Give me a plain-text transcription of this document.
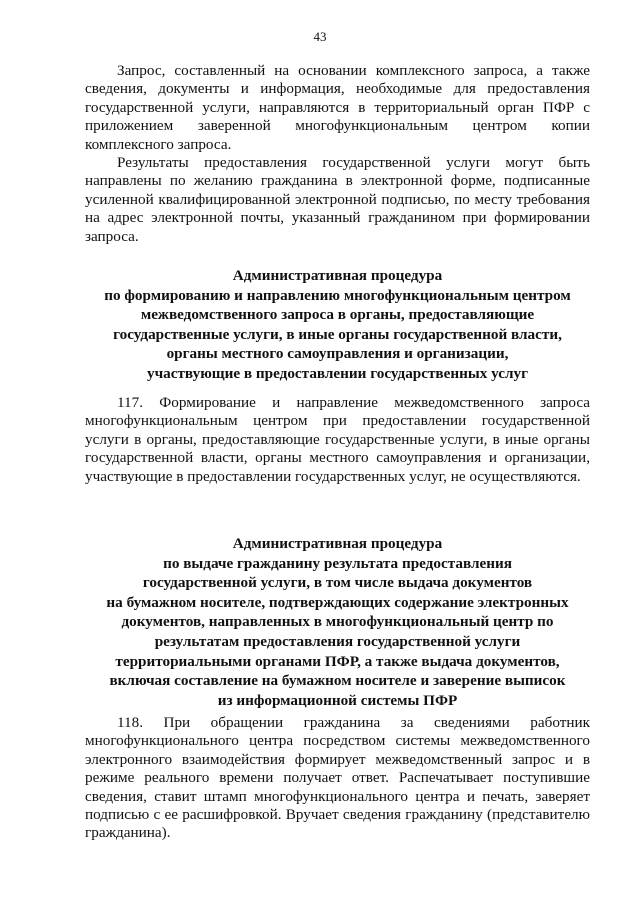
43

Запрос, составленный на основании комплексного запроса, а также сведения, документы и информация, необходимые для предоставления государственной услуги, направляются в территориальный орган ПФР с приложением заверенной многофункциональным центром копии комплексного запроса.

Результаты предоставления государственной услуги могут быть направлены по желанию гражданина в электронной форме, подписанные усиленной квалифицированной электронной подписью, по месту требования на адрес электронной почты, указанный гражданином при формировании запроса.

Административная процедура
по формированию и направлению многофункциональным центром
межведомственного запроса в органы, предоставляющие
государственные услуги, в иные органы государственной власти,
органы местного самоуправления и организации,
участвующие в предоставлении государственных услуг

117. Формирование и направление межведомственного запроса многофункциональным центром при предоставлении государственной услуги в органы, предоставляющие государственные услуги, в иные органы государственной власти, органы местного самоуправления и организации, участвующие в предоставлении государственных услуг, не осуществляются.

Административная процедура
по выдаче гражданину результата предоставления
государственной услуги, в том числе выдача документов
на бумажном носителе, подтверждающих содержание электронных
документов, направленных в многофункциональный центр по
результатам предоставления государственной услуги
территориальными органами ПФР, а также выдача документов,
включая составление на бумажном носителе и заверение выписок
из информационной системы ПФР

118. При обращении гражданина за сведениями работник многофункционального центра посредством системы межведомственного электронного взаимодействия формирует межведомственный запрос и в режиме реального времени получает ответ. Распечатывает поступившие сведения, ставит штамп многофункционального центра и печать, заверяет подписью с ее расшифровкой. Вручает сведения гражданину (представителю гражданина).
